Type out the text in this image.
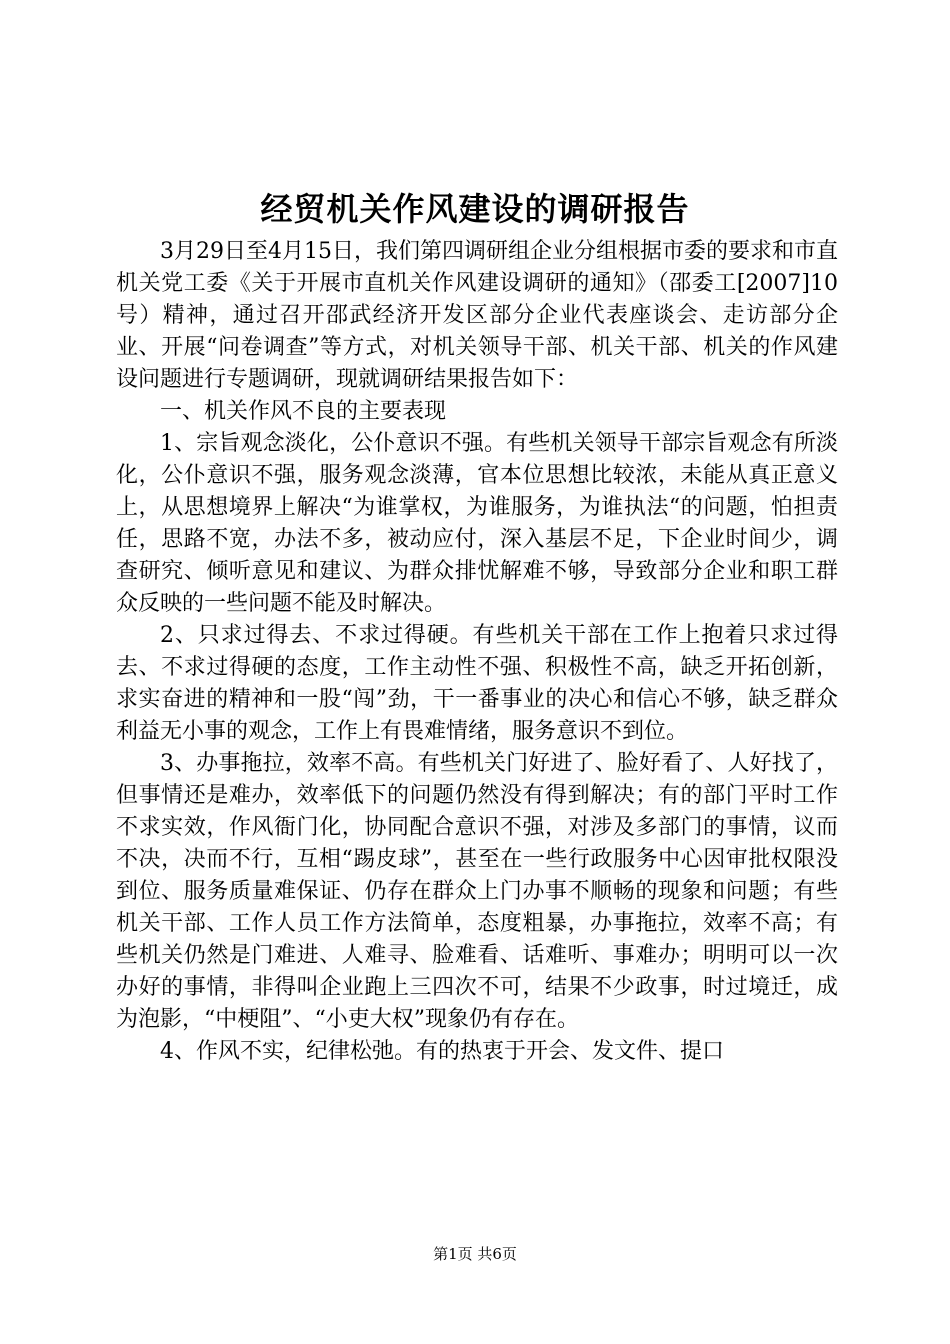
经贸机关作风建设的调研报告

3月29日至4月15日，我们第四调研组企业分组根据市委的要求和市直机关党工委《关于开展市直机关作风建设调研的通知》（邵委工[2007]10号）精神，通过召开邵武经济开发区部分企业代表座谈会、走访部分企业、开展“问卷调查”等方式，对机关领导干部、机关干部、机关的作风建设问题进行专题调研，现就调研结果报告如下：

一、机关作风不良的主要表现

1、宗旨观念淡化，公仆意识不强。有些机关领导干部宗旨观念有所淡化，公仆意识不强，服务观念淡薄，官本位思想比较浓，未能从真正意义上，从思想境界上解决“为谁掌权，为谁服务，为谁执法“的问题，怕担责任，思路不宽，办法不多，被动应付，深入基层不足，下企业时间少，调查研究、倾听意见和建议、为群众排忧解难不够，导致部分企业和职工群众反映的一些问题不能及时解决。

2、只求过得去、不求过得硬。有些机关干部在工作上抱着只求过得去、不求过得硬的态度，工作主动性不强、积极性不高，缺乏开拓创新，求实奋进的精神和一股“闯”劲，干一番事业的决心和信心不够，缺乏群众利益无小事的观念，工作上有畏难情绪，服务意识不到位。

3、办事拖拉，效率不高。有些机关门好进了、脸好看了、人好找了，但事情还是难办，效率低下的问题仍然没有得到解决；有的部门平时工作不求实效，作风衙门化，协同配合意识不强，对涉及多部门的事情，议而不决，决而不行，互相“踢皮球”，甚至在一些行政服务中心因审批权限没到位、服务质量难保证、仍存在群众上门办事不顺畅的现象和问题；有些机关干部、工作人员工作方法简单，态度粗暴，办事拖拉，效率不高；有些机关仍然是门难进、人难寻、脸难看、话难听、事难办；明明可以一次办好的事情，非得叫企业跑上三四次不可，结果不少政事，时过境迁，成为泡影，“中梗阻”、“小吏大权”现象仍有存在。

4、作风不实，纪律松弛。有的热衷于开会、发文件、提口

第1页 共6页
